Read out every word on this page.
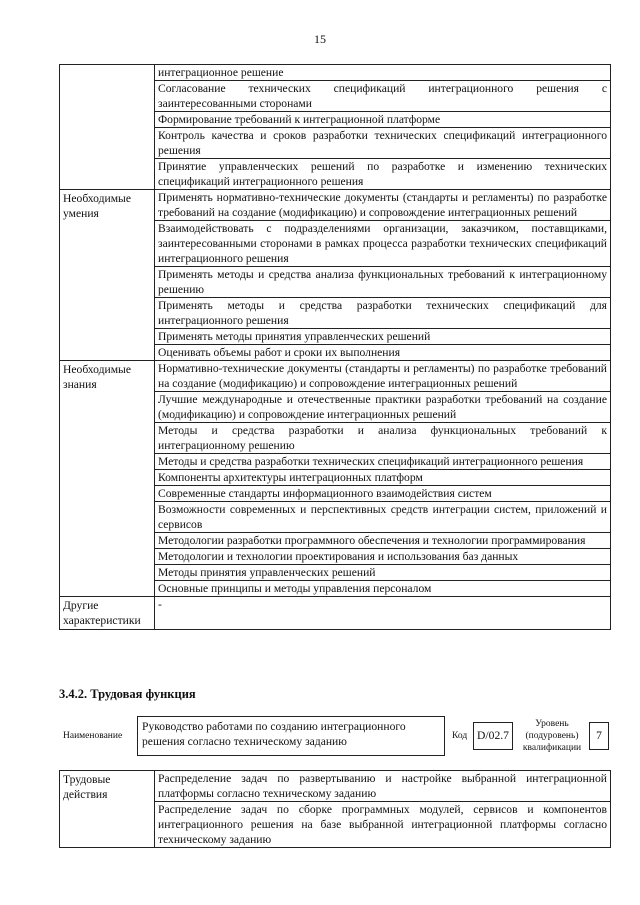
15
	интеграционное решение
	Согласование технических спецификаций интеграционного решения с заинтересованными сторонами
	Формирование требований к интеграционной платформе
	Контроль качества и сроков разработки технических спецификаций интеграционного решения
	Принятие управленческих решений по разработке и изменению технических спецификаций интеграционного решения
Необходимые умения	Применять нормативно-технические документы (стандарты и регламенты) по разработке требований на создание (модификацию) и сопровождение интеграционных решений
	Взаимодействовать с подразделениями организации, заказчиком, поставщиками, заинтересованными сторонами в рамках процесса разработки технических спецификаций интеграционного решения
	Применять методы и средства анализа функциональных требований к интеграционному решению
	Применять методы и средства разработки технических спецификаций для интеграционного решения
	Применять методы принятия управленческих решений
	Оценивать объемы работ и сроки их выполнения
Необходимые знания	Нормативно-технические документы (стандарты и регламенты) по разработке требований на создание (модификацию) и сопровождение интеграционных решений
	Лучшие международные и отечественные практики разработки требований на создание (модификацию) и сопровождение интеграционных решений
	Методы и средства разработки и анализа функциональных требований к интеграционному решению
	Методы и средства разработки технических спецификаций интеграционного решения
	Компоненты архитектуры интеграционных платформ
	Современные стандарты информационного взаимодействия систем
	Возможности современных и перспективных средств интеграции систем, приложений и сервисов
	Методологии разработки программного обеспечения и технологии программирования
	Методологии и технологии проектирования и использования баз данных
	Методы принятия управленческих решений
	Основные принципы и методы управления персоналом
Другие характеристики	-
3.4.2. Трудовая функция
Наименование
Руководство работами по созданию интеграционного решения согласно техническому заданию	Код D/02.7
Уровень (подуровень) квалификации
7
Трудовые действия	Распределение задач по развертыванию и настройке выбранной интеграционной платформы согласно техническому заданию
Распределение задач по сборке программных модулей, сервисов и компонентов интеграционного решения на базе выбранной интеграционной платформы согласно техническому заданию
